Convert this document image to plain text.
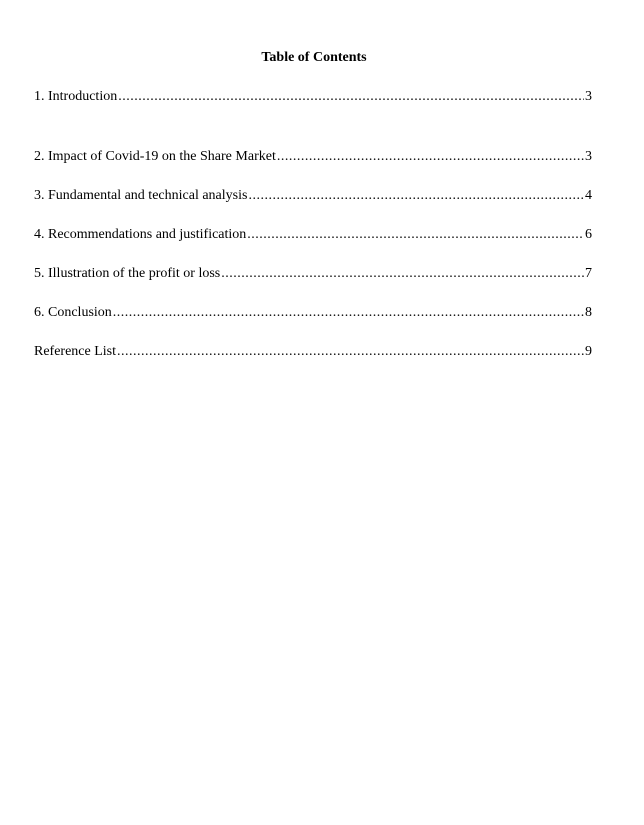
Table of Contents
1. Introduction .....	3
2. Impact of Covid-19 on the Share Market .....	3
3. Fundamental and technical analysis .....	4
4. Recommendations and justification .....	6
5. Illustration of the profit or loss .....	7
6. Conclusion .....	8
Reference List .....	9
